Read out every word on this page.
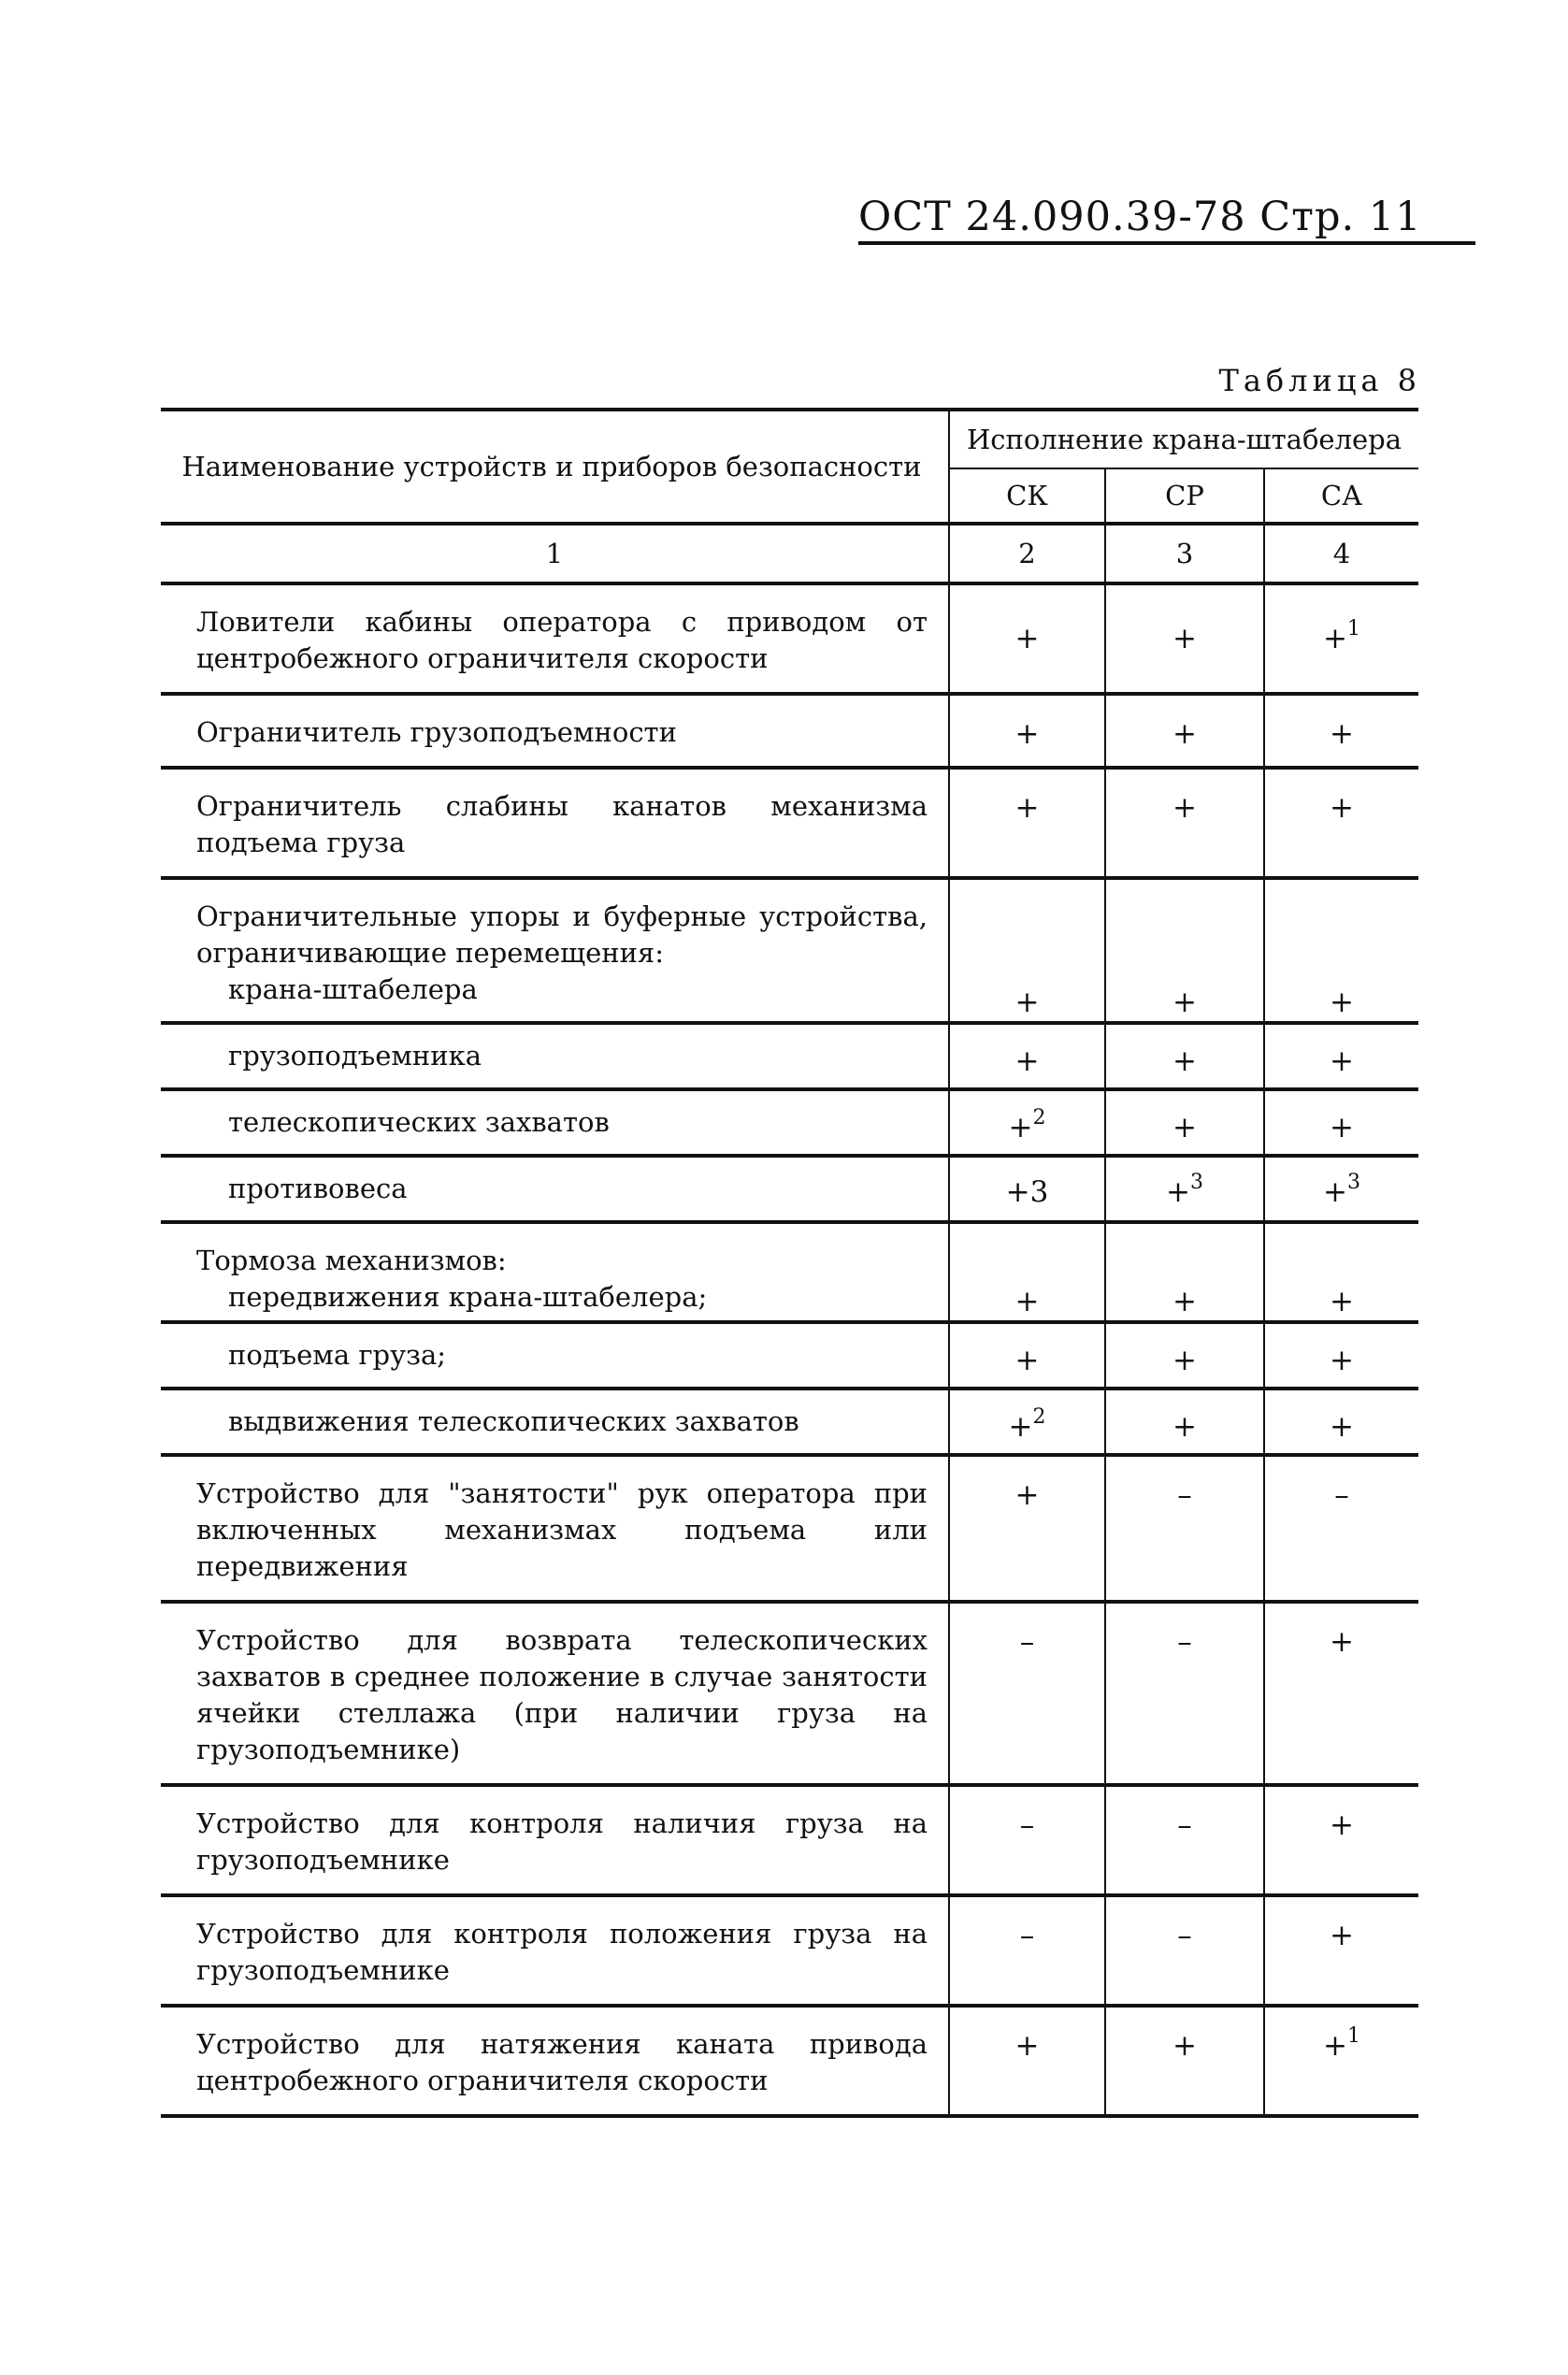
ОСТ 24.090.39-78 Стр. 11
Таблица 8
Наименование устройств и приборов безопасности	Исполнение крана-штабелера		
	СК	СР	СА
1	2	3	4

Ловители кабины оператора с приводом от центробежного ограничителя скорости	+	+	+$^1$

Ограничитель грузоподъемности	+	+	+

Ограничитель слабины канатов механизма подъема груза	+	+	+

Ограничительные упоры и буферные устройства, ограничивающие перемещения:
крана-штабелера	+	+	+
грузоподъемника	+	+	+
телескопических захватов	+$^2$	+	+
противовеса	+3	+$^3$	+$^3$

Тормоза механизмов:
передвижения крана-штабелера;	+	+	+
подъема груза;	+	+	+
выдвижения телескопических захватов	+$^2$	+	+

Устройство для "занятости" рук оператора при включенных механизмах подъема или передвижения	+	–	–

Устройство для возврата телескопических захватов в среднее положение в случае занятости ячейки стеллажа (при наличии груза на грузоподъемнике)	–	–	+

Устройство для контроля наличия груза на грузоподъемнике	–	–	+

Устройство для контроля положения груза на грузоподъемнике	–	–	+

Устройство для натяжения каната привода центробежного ограничителя скорости	+	+	+$^1$
